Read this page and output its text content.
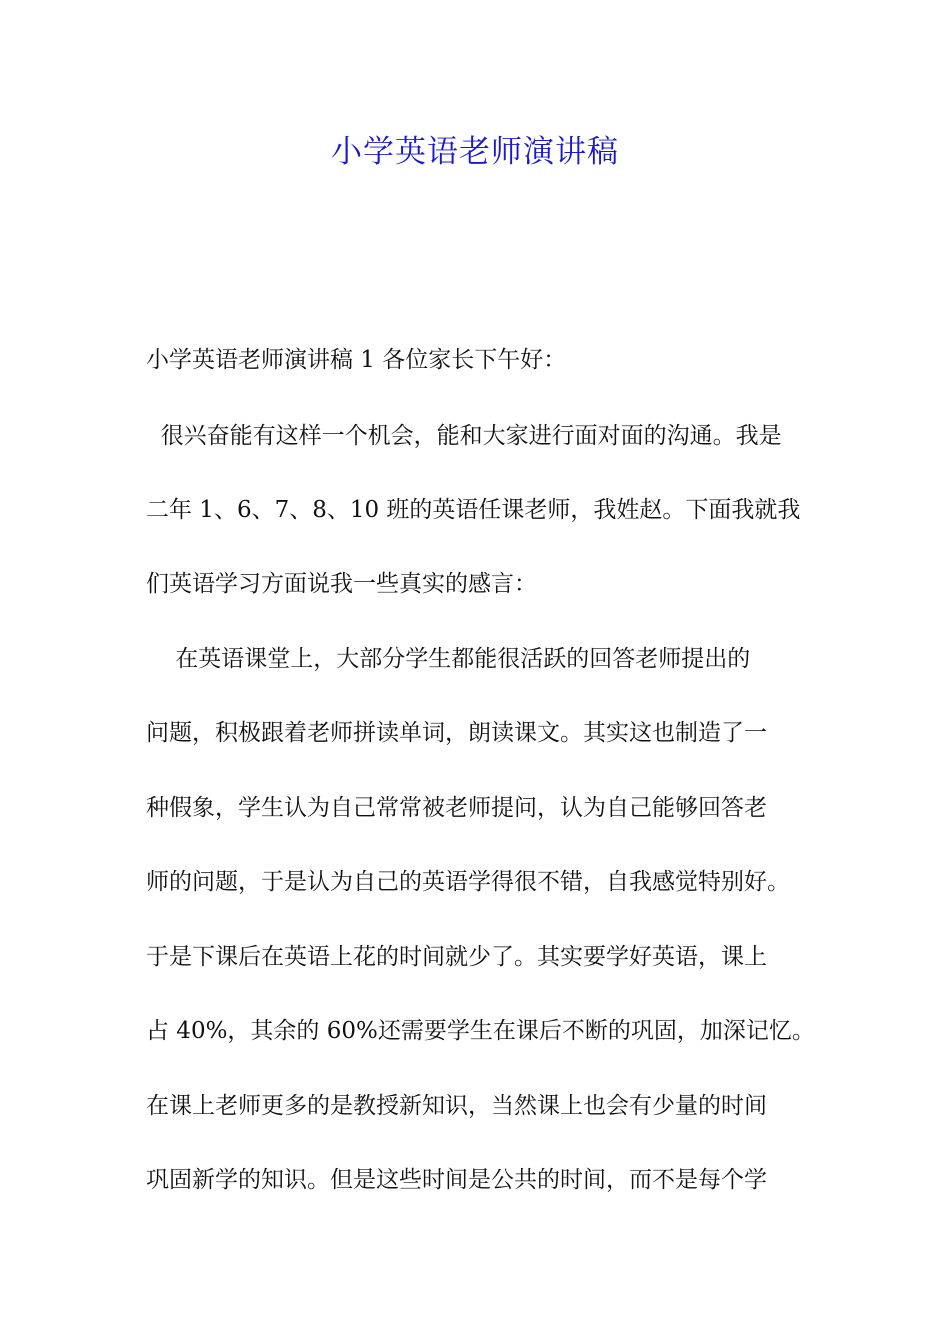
小学英语老师演讲稿
小学英语老师演讲稿 1 各位家长下午好：
很兴奋能有这样一个机会，能和大家进行面对面的沟通。我是
二年 1、6、7、8、10 班的英语任课老师，我姓赵。下面我就我
们英语学习方面说我一些真实的感言：
在英语课堂上，大部分学生都能很活跃的回答老师提出的
问题，积极跟着老师拼读单词，朗读课文。其实这也制造了一
种假象，学生认为自己常常被老师提问，认为自己能够回答老
师的问题，于是认为自己的英语学得很不错，自我感觉特别好。
于是下课后在英语上花的时间就少了。其实要学好英语，课上
占 40%，其余的 60%还需要学生在课后不断的巩固，加深记忆。
在课上老师更多的是教授新知识，当然课上也会有少量的时间
巩固新学的知识。但是这些时间是公共的时间，而不是每个学
